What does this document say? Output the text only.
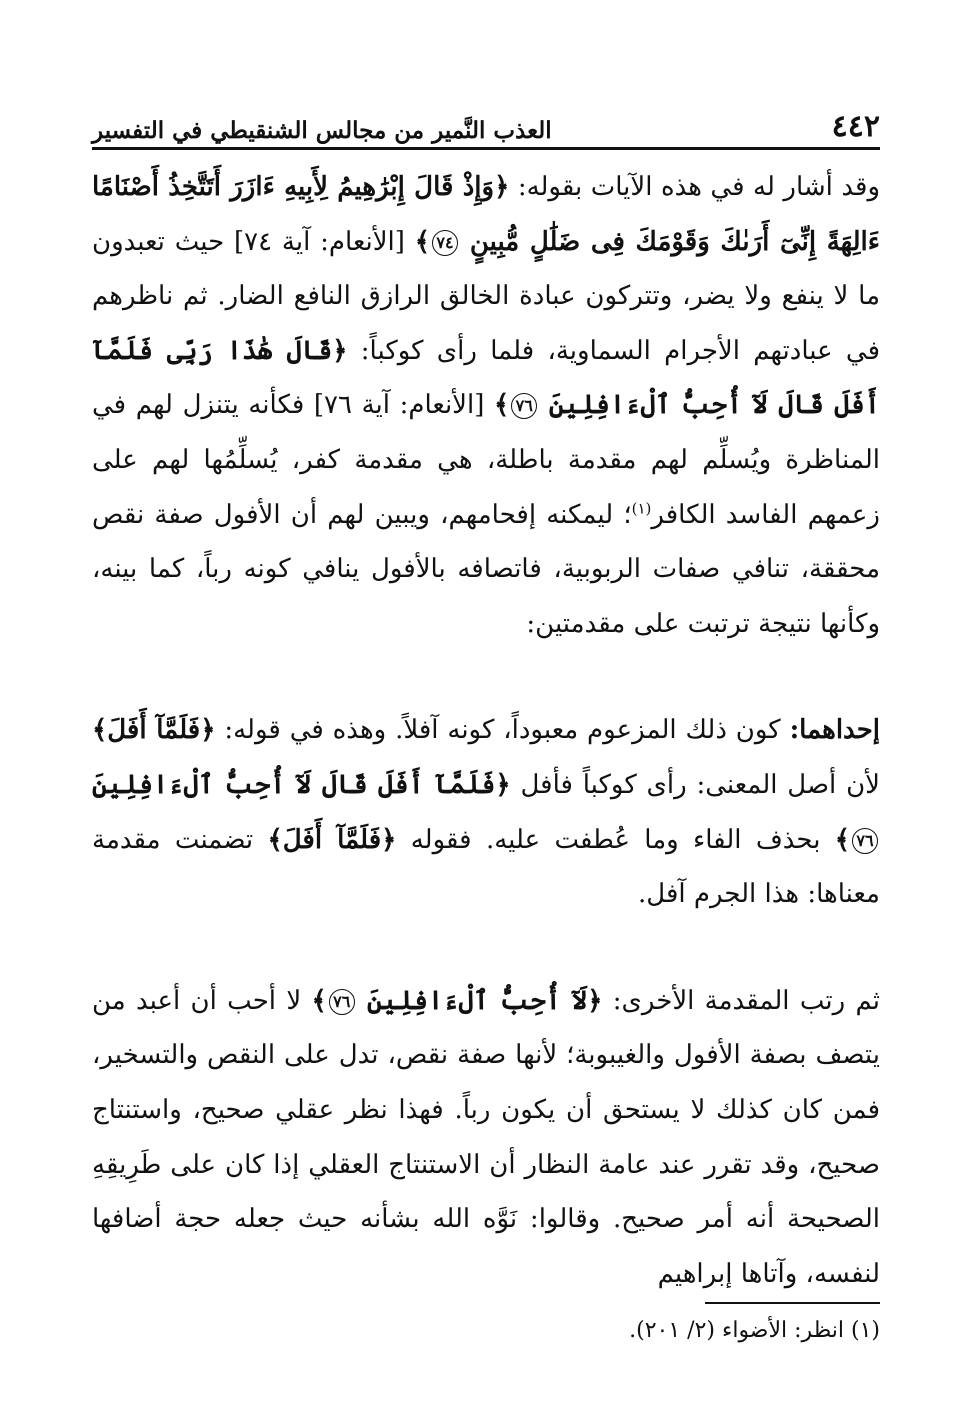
٤٤٢
العذب النَّمير من مجالس الشنقيطي في التفسير

وقد أشار له في هذه الآيات بقوله: ﴿وَإِذْ قَالَ إِبْرَٰهِيمُ لِأَبِيهِ ءَازَرَ أَتَتَّخِذُ أَصْنَامًا ءَالِهَةً إِنِّىٓ أَرَىٰكَ وَقَوْمَكَ فِى ضَلَٰلٍ مُّبِينٍ ٧٤﴾ [الأنعام: آية ٧٤] حيث تعبدون ما لا ينفع ولا يضر، وتتركون عبادة الخالق الرازق النافع الضار. ثم ناظرهم في عبادتهم الأجرام السماوية، فلما رأى كوكباً: ﴿قَالَ هَٰذَا رَبِّى فَلَمَّآ أَفَلَ قَالَ لَآ أُحِبُّ ٱلْءَافِلِينَ ٧٦﴾ [الأنعام: آية ٧٦] فكأنه يتنزل لهم في المناظرة ويُسلِّم لهم مقدمة باطلة، هي مقدمة كفر، يُسلِّمُها لهم على زعمهم الفاسد الكافر$^{(١)}$؛ ليمكنه إفحامهم، ويبين لهم أن الأفول صفة نقص محققة، تنافي صفات الربوبية، فاتصافه بالأفول ينافي كونه رباً، كما بينه، وكأنها نتيجة ترتبت على مقدمتين:

إحداهما: كون ذلك المزعوم معبوداً، كونه آفلاً. وهذه في قوله: ﴿فَلَمَّآ أَفَلَ﴾ لأن أصل المعنى: رأى كوكباً فأفل ﴿فَلَمَّآ أَفَلَ قَالَ لَآ أُحِبُّ ٱلْءَافِلِينَ ٧٦﴾ بحذف الفاء وما عُطفت عليه. فقوله ﴿فَلَمَّآ أَفَلَ﴾ تضمنت مقدمة معناها: هذا الجرم آفل.

ثم رتب المقدمة الأخرى: ﴿لَآ أُحِبُّ ٱلْءَافِلِينَ ٧٦﴾ لا أحب أن أعبد من يتصف بصفة الأفول والغيبوبة؛ لأنها صفة نقص، تدل على النقص والتسخير، فمن كان كذلك لا يستحق أن يكون رباً. فهذا نظر عقلي صحيح، واستنتاج صحيح، وقد تقرر عند عامة النظار أن الاستنتاج العقلي إذا كان على طَرِيقِهِ الصحيحة أنه أمر صحيح. وقالوا: نَوَّه الله بشأنه حيث جعله حجة أضافها لنفسه، وآتاها إبراهيم

(١) انظر: الأضواء (٢/ ٢٠١).
